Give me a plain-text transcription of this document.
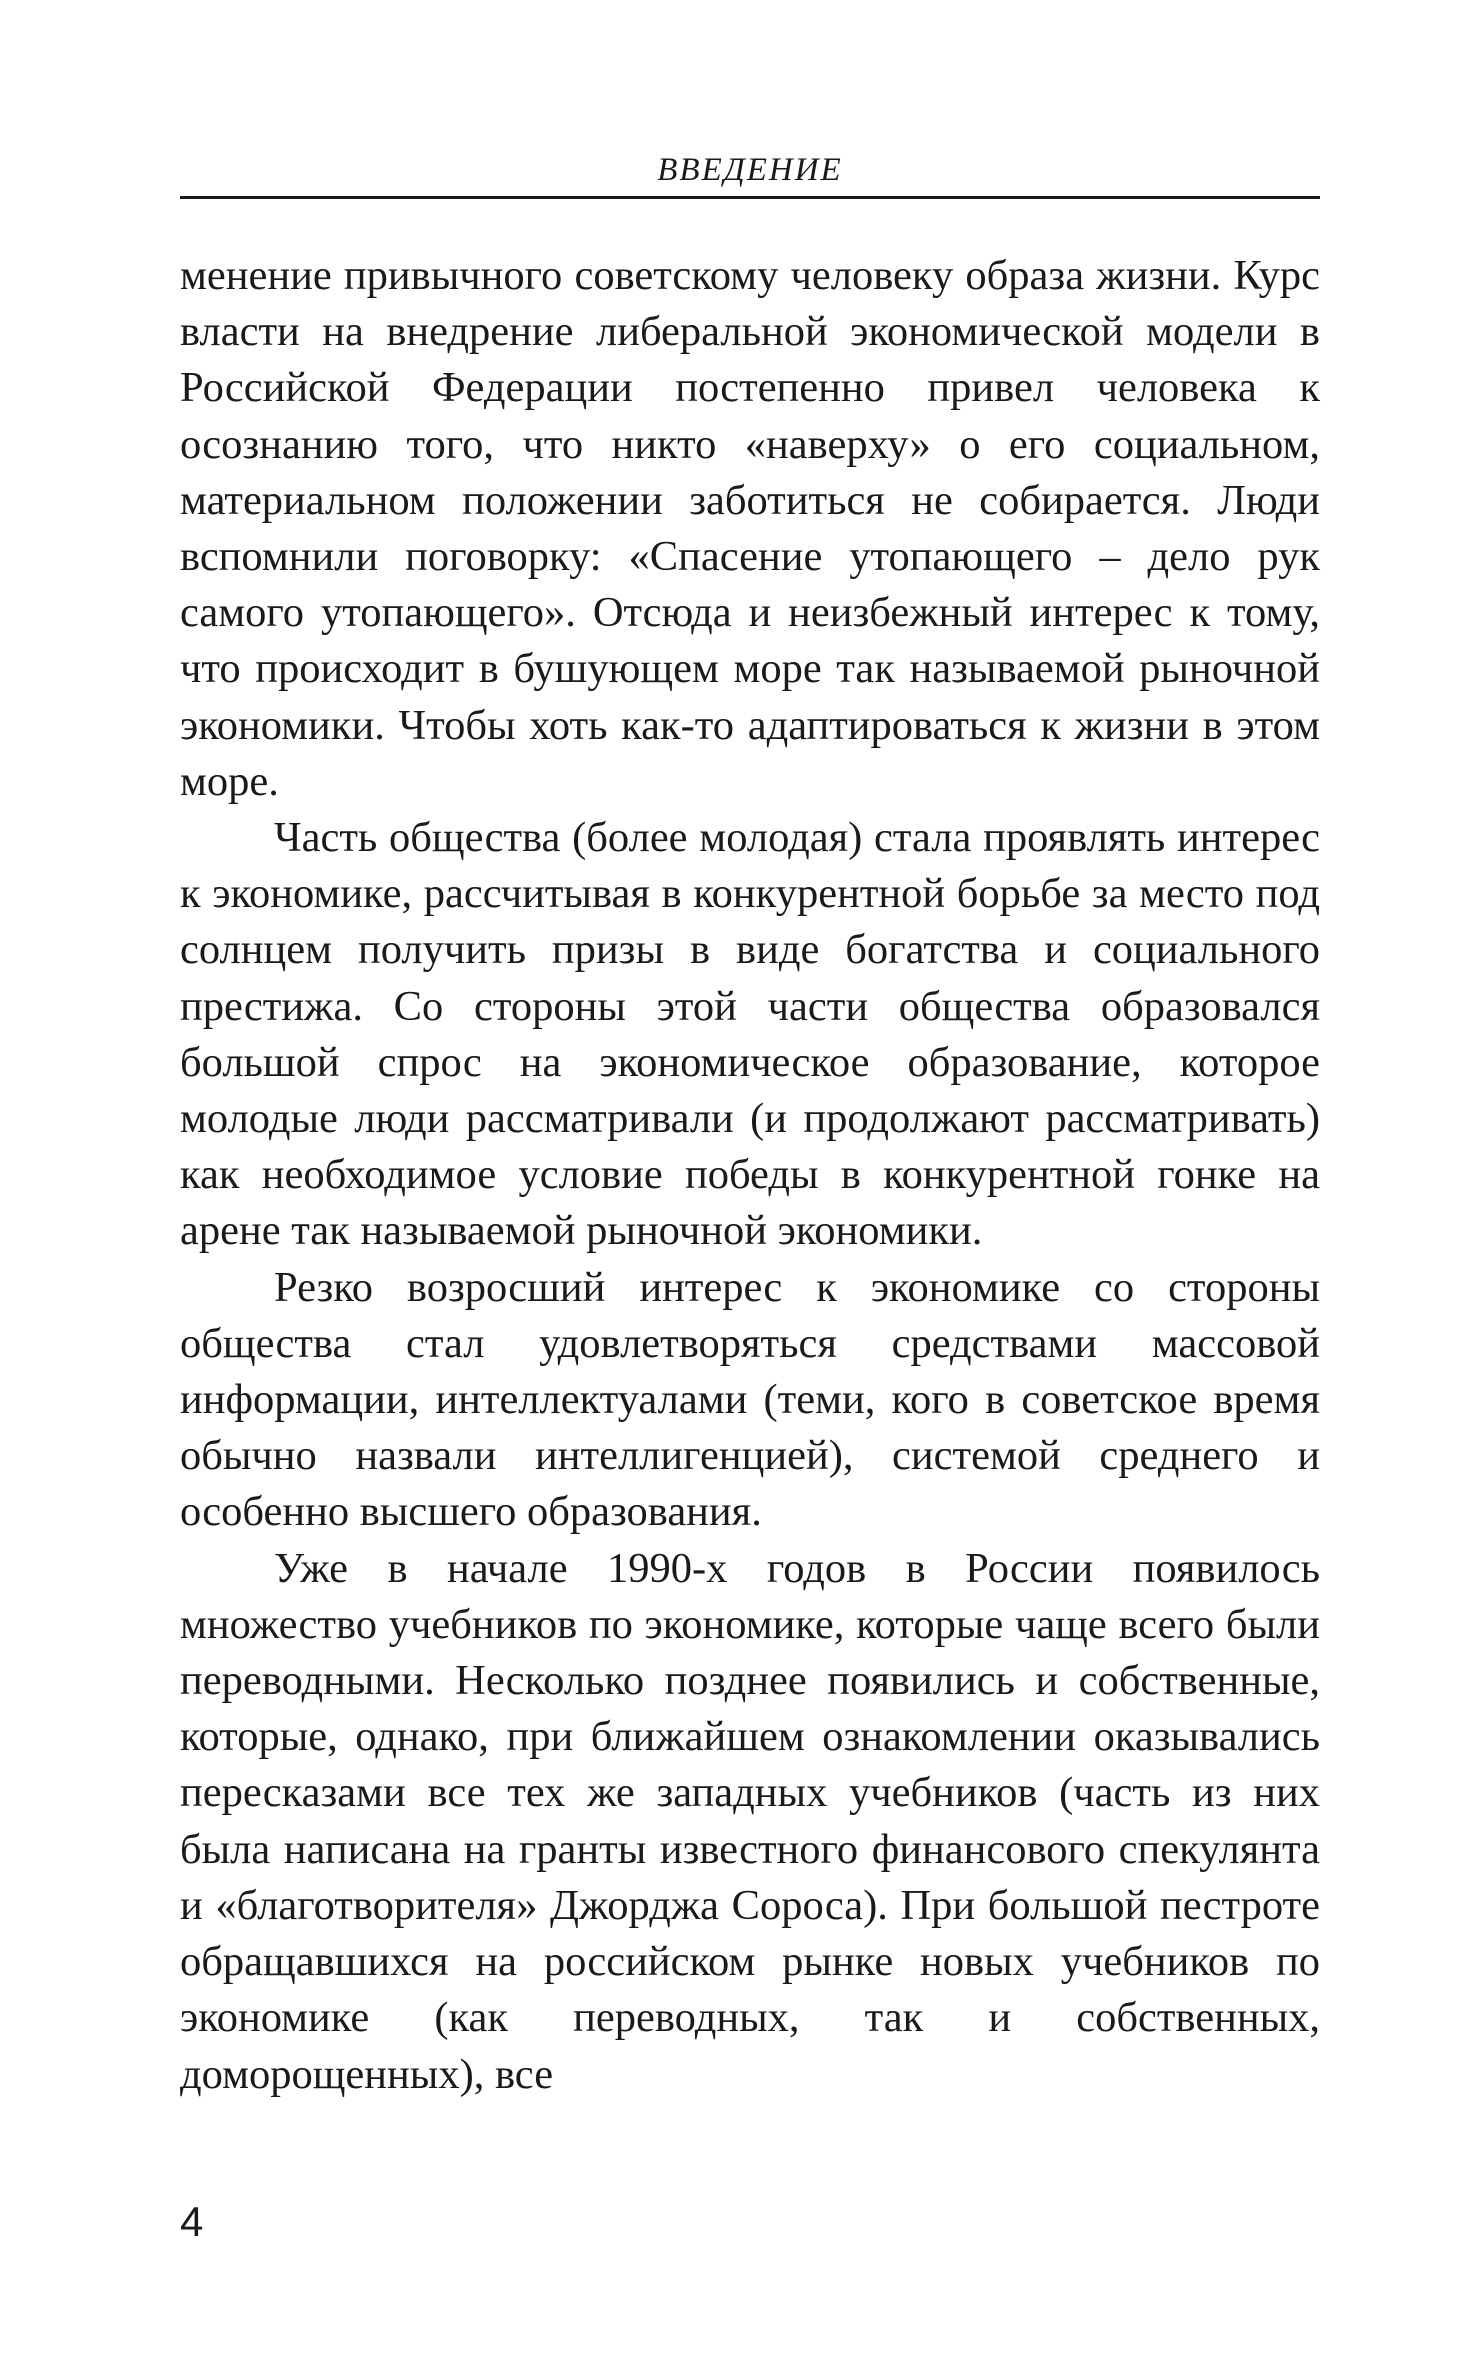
ВВЕДЕНИЕ

менение привычного советскому человеку образа жизни. Курс власти на внедрение либеральной экономической модели в Российской Федерации постепенно привел человека к осознанию того, что никто «наверху» о его социальном, материальном положении заботиться не собирается. Люди вспомнили поговорку: «Спасение утопающего – дело рук самого утопающего». Отсюда и неизбежный интерес к тому, что происходит в бушующем море так называемой рыночной экономики. Чтобы хоть как-то адаптироваться к жизни в этом море.

Часть общества (более молодая) стала проявлять интерес к экономике, рассчитывая в конкурентной борьбе за место под солнцем получить призы в виде богатства и социального престижа. Со стороны этой части общества образовался большой спрос на экономическое образование, которое молодые люди рассматривали (и продолжают рассматривать) как необходимое условие победы в конкурентной гонке на арене так называемой рыночной экономики.

Резко возросший интерес к экономике со стороны общества стал удовлетворяться средствами массовой информации, интеллектуалами (теми, кого в советское время обычно назвали интеллигенцией), системой среднего и особенно высшего образования.

Уже в начале 1990-х годов в России появилось множество учебников по экономике, которые чаще всего были переводными. Несколько позднее появились и собственные, которые, однако, при ближайшем ознакомлении оказывались пересказами все тех же западных учебников (часть из них была написана на гранты известного финансового спекулянта и «благотворителя» Джорджа Сороса). При большой пестроте обращавшихся на российском рынке новых учебников по экономике (как переводных, так и собственных, доморощенных), все

4
